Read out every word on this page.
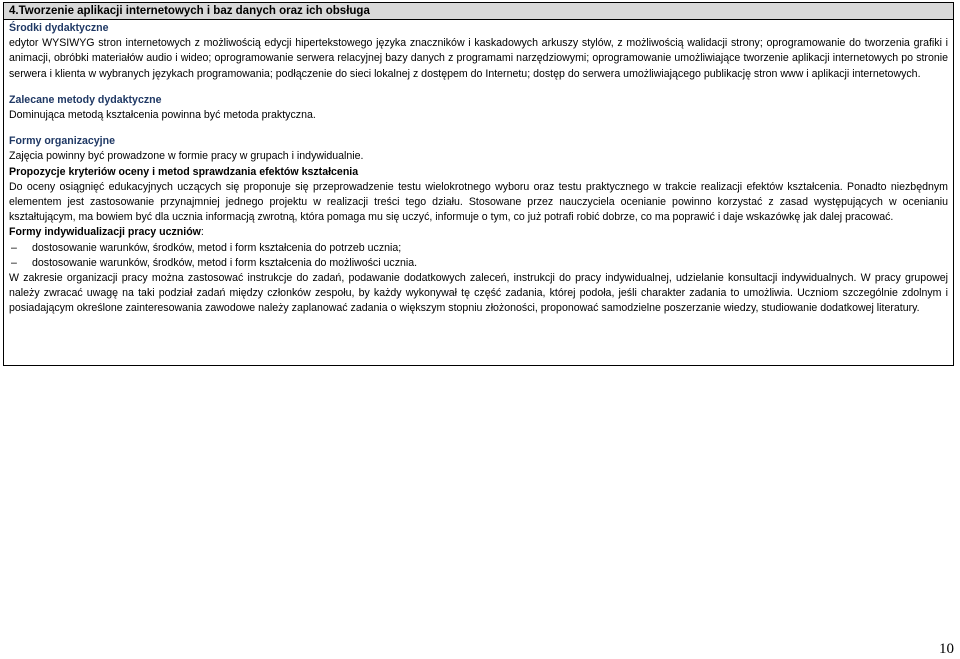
4.Tworzenie aplikacji internetowych i baz danych oraz ich obsługa

Środki dydaktyczne

edytor WYSIWYG stron internetowych z możliwością edycji hipertekstowego języka znaczników i kaskadowych arkuszy stylów, z możliwością walidacji strony; oprogramowanie do tworzenia grafiki i animacji, obróbki materiałów audio i wideo; oprogramowanie serwera relacyjnej bazy danych z programami narzędziowymi; oprogramowanie umożliwiające tworzenie aplikacji internetowych po stronie serwera i klienta w wybranych językach programowania; podłączenie do sieci lokalnej z dostępem do Internetu; dostęp do serwera umożliwiającego publikację stron www i aplikacji internetowych.

Zalecane metody dydaktyczne

Dominująca metodą kształcenia powinna być metoda praktyczna.

Formy organizacyjne

Zajęcia powinny być prowadzone w formie pracy w grupach i indywidualnie.

Propozycje kryteriów oceny i metod sprawdzania efektów kształcenia

Do oceny osiągnięć edukacyjnych uczących się proponuje się przeprowadzenie testu wielokrotnego wyboru oraz testu praktycznego w trakcie realizacji efektów kształcenia. Ponadto niezbędnym elementem jest zastosowanie przynajmniej jednego projektu w realizacji treści tego działu. Stosowane przez nauczyciela ocenianie powinno korzystać z zasad występujących w ocenianiu kształtującym, ma bowiem być dla ucznia informacją zwrotną, która pomaga mu się uczyć, informuje o tym, co już potrafi robić dobrze, co ma poprawić i daje wskazówkę jak dalej pracować.

Formy indywidualizacji pracy uczniów:

– dostosowanie warunków, środków, metod i form kształcenia do potrzeb ucznia;
– dostosowanie warunków, środków, metod i form kształcenia do możliwości ucznia.

W zakresie organizacji pracy można zastosować instrukcje do zadań, podawanie dodatkowych zaleceń, instrukcji do pracy indywidualnej, udzielanie konsultacji indywidualnych. W pracy grupowej należy zwracać uwagę na taki podział zadań między członków zespołu, by każdy wykonywał tę część zadania, której podoła, jeśli charakter zadania to umożliwia. Uczniom szczególnie zdolnym i posiadającym określone zainteresowania zawodowe należy zaplanować zadania o większym stopniu złożoności, proponować samodzielne poszerzanie wiedzy, studiowanie dodatkowej literatury.

10
